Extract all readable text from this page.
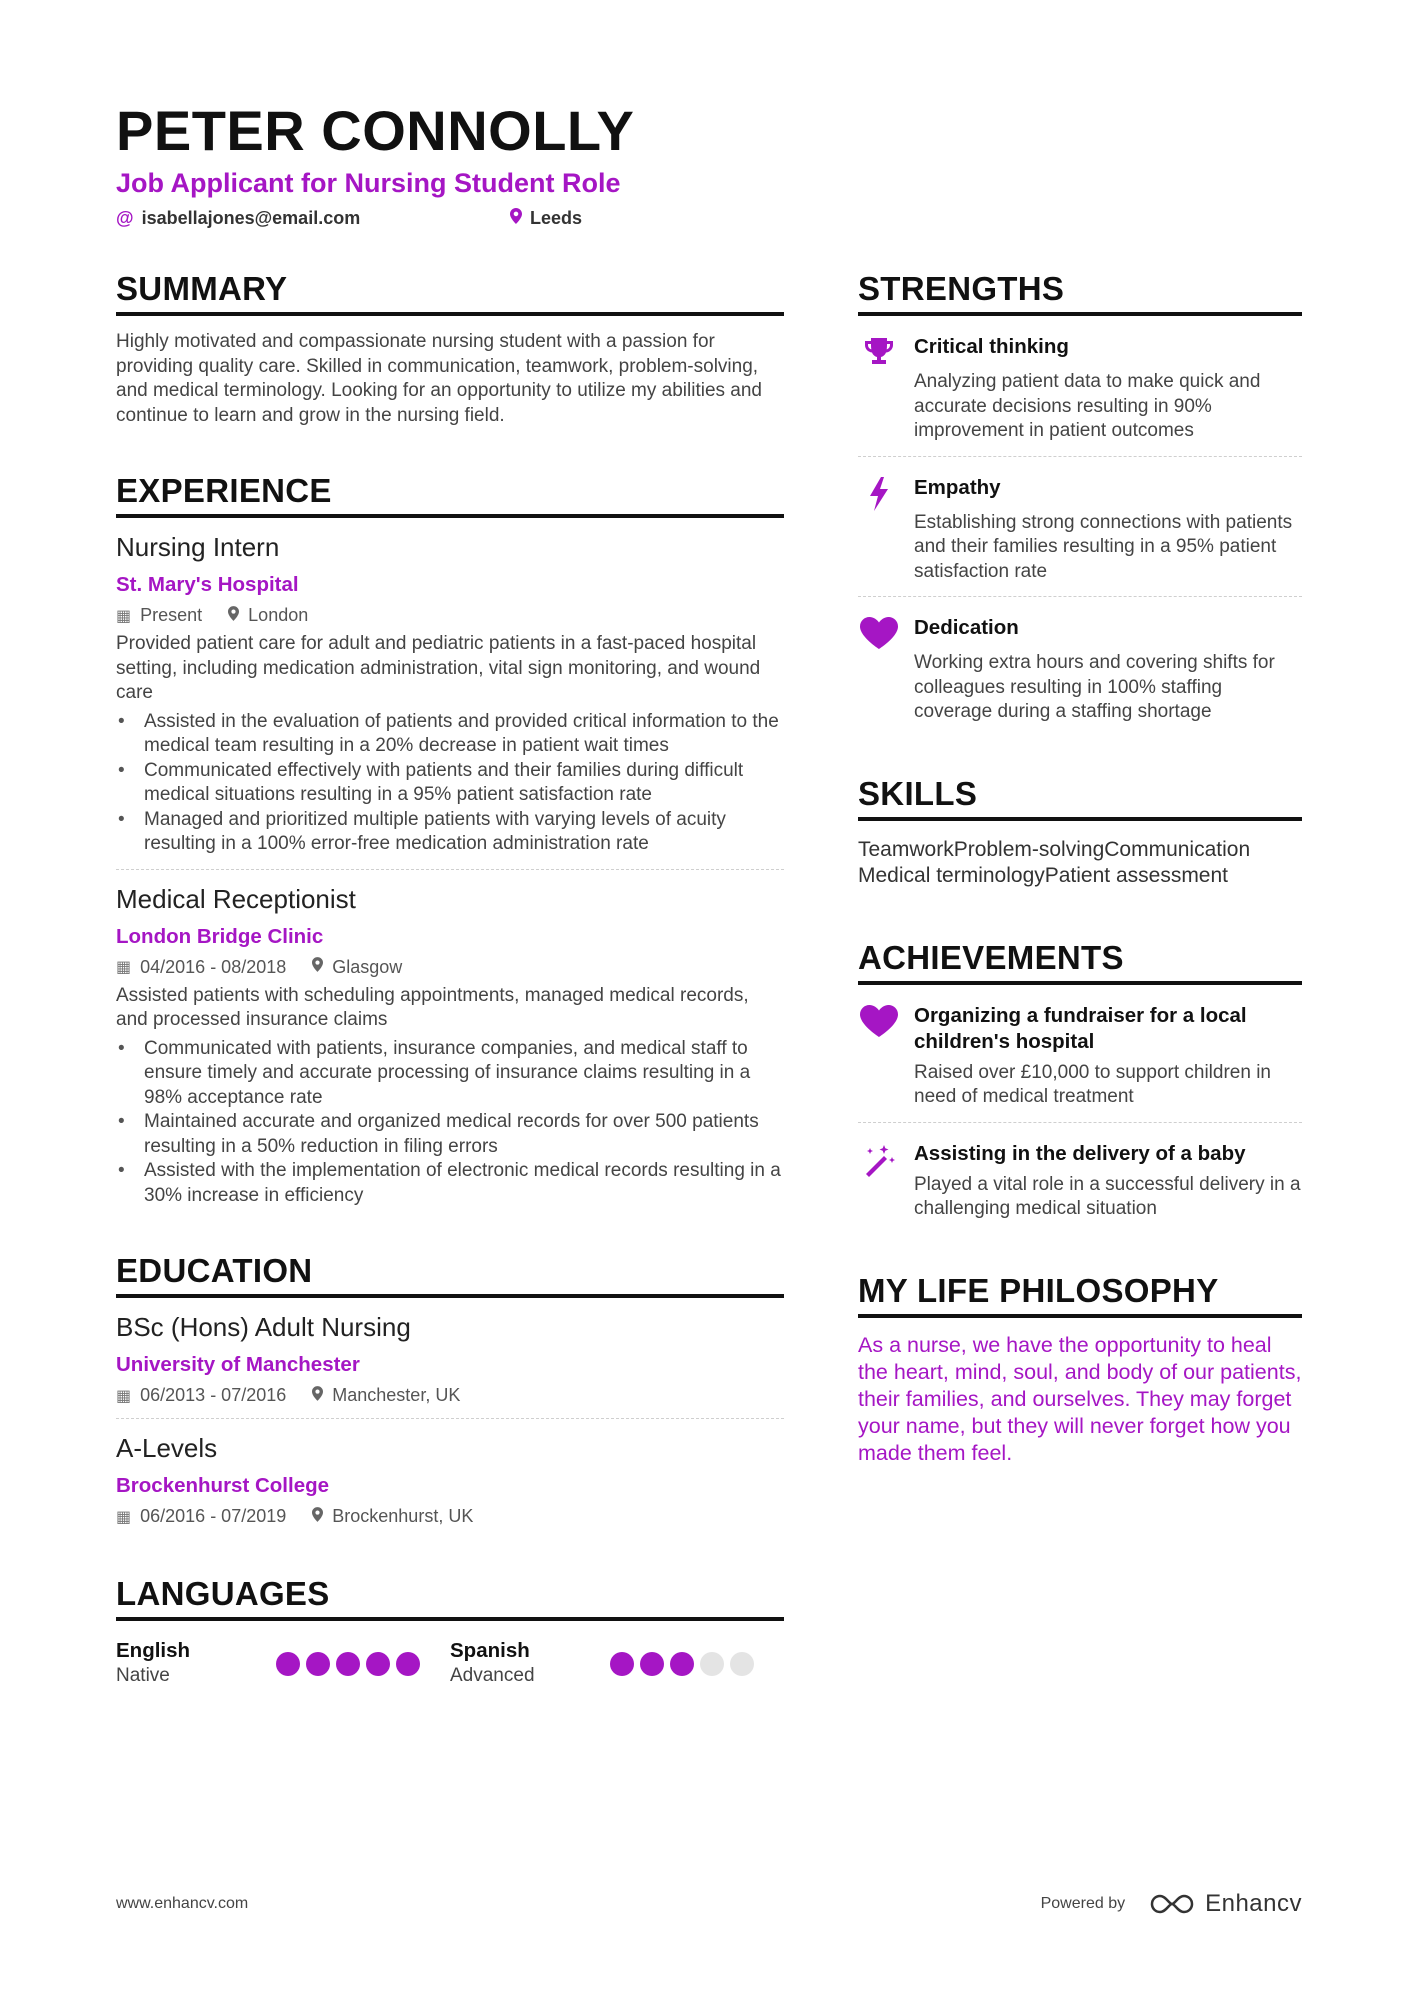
PETER CONNOLLY
Job Applicant for Nursing Student Role
@ isabellajones@email.com	Leeds
SUMMARY
Highly motivated and compassionate nursing student with a passion for providing quality care. Skilled in communication, teamwork, problem-solving, and medical terminology. Looking for an opportunity to utilize my abilities and continue to learn and grow in the nursing field.
EXPERIENCE
Nursing Intern
St. Mary's Hospital
▦ Present	London
Provided patient care for adult and pediatric patients in a fast-paced hospital setting, including medication administration, vital sign monitoring, and wound care
• Assisted in the evaluation of patients and provided critical information to the medical team resulting in a 20% decrease in patient wait times
• Communicated effectively with patients and their families during difficult medical situations resulting in a 95% patient satisfaction rate
• Managed and prioritized multiple patients with varying levels of acuity resulting in a 100% error-free medication administration rate
Medical Receptionist
London Bridge Clinic
▦ 04/2016 - 08/2018	Glasgow
Assisted patients with scheduling appointments, managed medical records, and processed insurance claims
• Communicated with patients, insurance companies, and medical staff to ensure timely and accurate processing of insurance claims resulting in a 98% acceptance rate
• Maintained accurate and organized medical records for over 500 patients resulting in a 50% reduction in filing errors
• Assisted with the implementation of electronic medical records resulting in a 30% increase in efficiency
EDUCATION
BSc (Hons) Adult Nursing
University of Manchester
▦ 06/2013 - 07/2016	Manchester, UK
A-Levels
Brockenhurst College
▦ 06/2016 - 07/2019	Brockenhurst, UK
LANGUAGES
English
Native
Spanish
Advanced
STRENGTHS
Critical thinking
Analyzing patient data to make quick and accurate decisions resulting in 90% improvement in patient outcomes
Empathy
Establishing strong connections with patients and their families resulting in a 95% patient satisfaction rate
Dedication
Working extra hours and covering shifts for colleagues resulting in 100% staffing coverage during a staffing shortage
SKILLS
TeamworkProblem-solvingCommunication
Medical terminologyPatient assessment
ACHIEVEMENTS
Organizing a fundraiser for a local children's hospital
Raised over £10,000 to support children in need of medical treatment
Assisting in the delivery of a baby
Played a vital role in a successful delivery in a challenging medical situation
MY LIFE PHILOSOPHY
As a nurse, we have the opportunity to heal the heart, mind, soul, and body of our patients, their families, and ourselves. They may forget your name, but they will never forget how you made them feel.
www.enhancv.com	Powered by	Enhancv
